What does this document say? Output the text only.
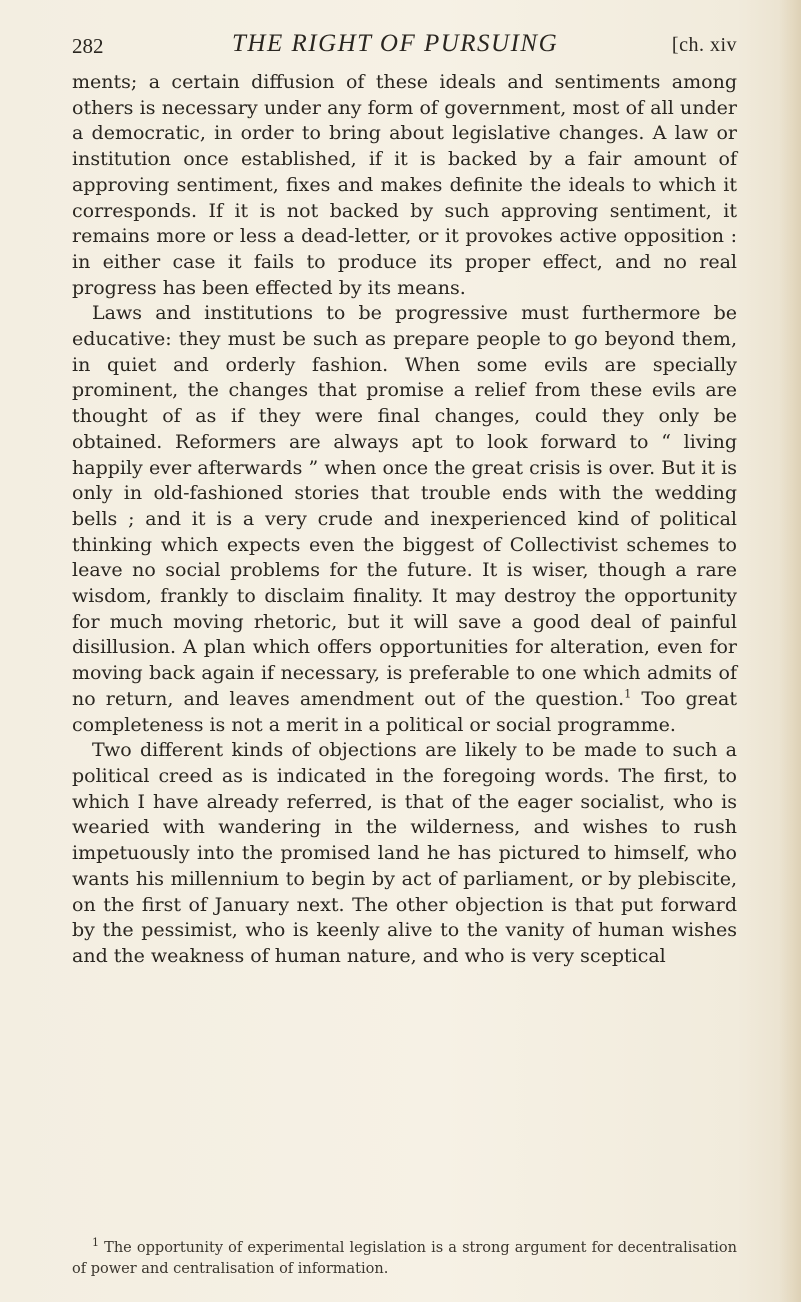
282	THE RIGHT OF PURSUING	[ch. xiv

ments; a certain diffusion of these ideals and sentiments among others is necessary under any form of government, most of all under a democratic, in order to bring about legislative changes. A law or institution once established, if it is backed by a fair amount of approving sentiment, fixes and makes definite the ideals to which it corresponds. If it is not backed by such approving sentiment, it remains more or less a dead-letter, or it provokes active opposition : in either case it fails to produce its proper effect, and no real progress has been effected by its means.

Laws and institutions to be progressive must furthermore be educative: they must be such as prepare people to go beyond them, in quiet and orderly fashion. When some evils are specially prominent, the changes that promise a relief from these evils are thought of as if they were final changes, could they only be obtained. Reformers are always apt to look forward to “ living happily ever afterwards ” when once the great crisis is over. But it is only in old-fashioned stories that trouble ends with the wedding bells ; and it is a very crude and inexperienced kind of political thinking which expects even the biggest of Collectivist schemes to leave no social problems for the future. It is wiser, though a rare wisdom, frankly to disclaim finality. It may destroy the opportunity for much moving rhetoric, but it will save a good deal of painful disillusion. A plan which offers opportunities for alteration, even for moving back again if necessary, is preferable to one which admits of no return, and leaves amendment out of the question.$^1$ Too great completeness is not a merit in a political or social programme.

Two different kinds of objections are likely to be made to such a political creed as is indicated in the foregoing words. The first, to which I have already referred, is that of the eager socialist, who is wearied with wandering in the wilderness, and wishes to rush impetuously into the promised land he has pictured to himself, who wants his millennium to begin by act of parliament, or by plebiscite, on the first of January next. The other objection is that put forward by the pessimist, who is keenly alive to the vanity of human wishes and the weakness of human nature, and who is very sceptical

$^1$ The opportunity of experimental legislation is a strong argument for decentralisation of power and centralisation of information.
